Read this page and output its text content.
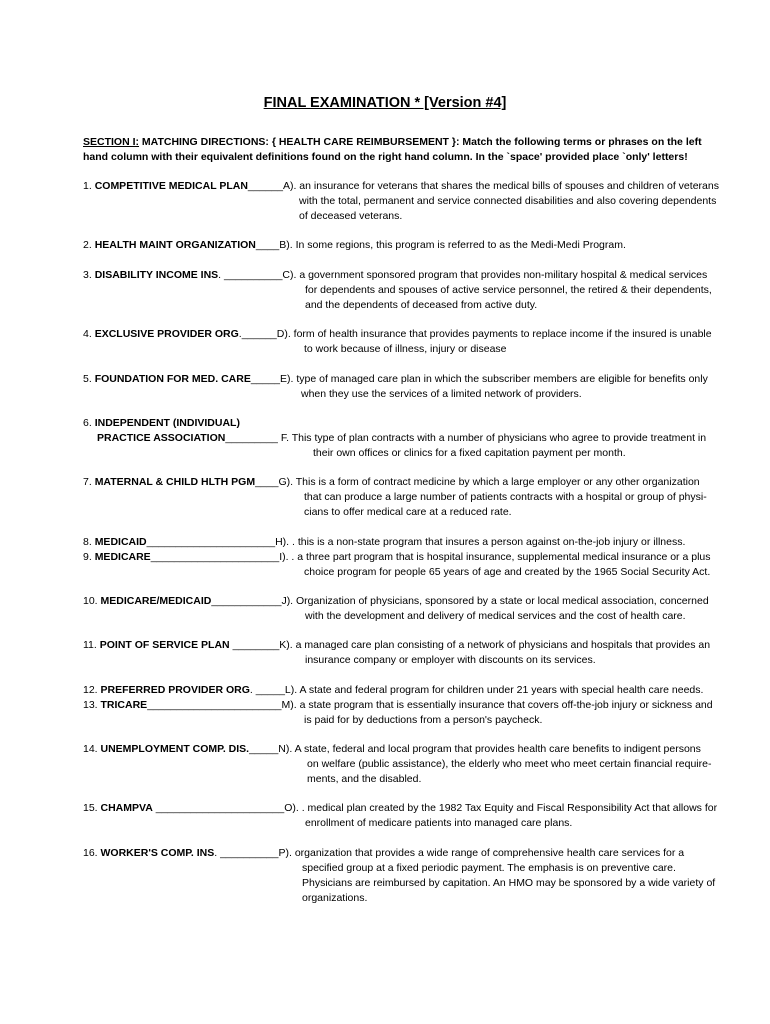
FINAL EXAMINATION * [Version #4]
SECTION I: MATCHING DIRECTIONS: { HEALTH CARE REIMBURSEMENT }: Match the following terms or phrases on the left hand column with their equivalent definitions found on the right hand column. In the `space' provided place `only' letters!
1. COMPETITIVE MEDICAL PLAN______A). an insurance for veterans that shares the medical bills of spouses and children of veterans
with the total, permanent and service connected disabilities and also covering dependents
of deceased veterans.
2. HEALTH MAINT ORGANIZATION____B). In some regions, this program is referred to as the Medi-Medi Program.
3. DISABILITY INCOME INS. __________C). a government sponsored program that provides non-military hospital & medical services
for dependents and spouses of active service personnel, the retired & their dependents,
and the dependents of deceased from active duty.
4. EXCLUSIVE PROVIDER ORG.______D). form of health insurance that provides payments to replace income if the insured is unable
to work because of illness, injury or disease
5. FOUNDATION FOR MED. CARE_____E). type of managed care plan in which the subscriber members are eligible for benefits only
when they use the services of a limited network of providers.
6. INDEPENDENT (INDIVIDUAL)
PRACTICE ASSOCIATION_________ F. This type of plan contracts with a number of physicians who agree to provide treatment in
their own offices or clinics for a fixed capitation payment per month.
7. MATERNAL & CHILD HLTH PGM____G). This is a form of contract medicine by which a large employer or any other organization
that can produce a large number of patients contracts with a hospital or group of physi-
cians to offer medical care at a reduced rate.
8. MEDICAID______________________H). . this is a non-state program that insures a person against on-the-job injury or illness.
9. MEDICARE______________________I). . a three part program that is hospital insurance, supplemental medical insurance or a plus
choice program for people 65 years of age and created by the 1965 Social Security Act.
10. MEDICARE/MEDICAID____________J). Organization of physicians, sponsored by a state or local medical association, concerned
with the development and delivery of medical services and the cost of health care.
11. POINT OF SERVICE PLAN ________K). a managed care plan consisting of a network of physicians and hospitals that provides an
insurance company or employer with discounts on its services.
12. PREFERRED PROVIDER ORG. _____L). A state and federal program for children under 21 years with special health care needs.
13. TRICARE_______________________M). a state program that is essentially insurance that covers off-the-job injury or sickness and
is paid for by deductions from a person's paycheck.
14. UNEMPLOYMENT COMP. DIS._____N). A state, federal and local program that provides health care benefits to indigent persons
on welfare (public assistance), the elderly who meet who meet certain financial require-
ments, and the disabled.
15. CHAMPVA ______________________O). . medical plan created by the 1982 Tax Equity and Fiscal Responsibility Act that allows for
enrollment of medicare patients into managed care plans.
16. WORKER'S COMP. INS. __________P). organization that provides a wide range of comprehensive health care services for a
specified group at a fixed periodic payment. The emphasis is on preventive care.
Physicians are reimbursed by capitation. An HMO may be sponsored by a wide variety of
organizations.
